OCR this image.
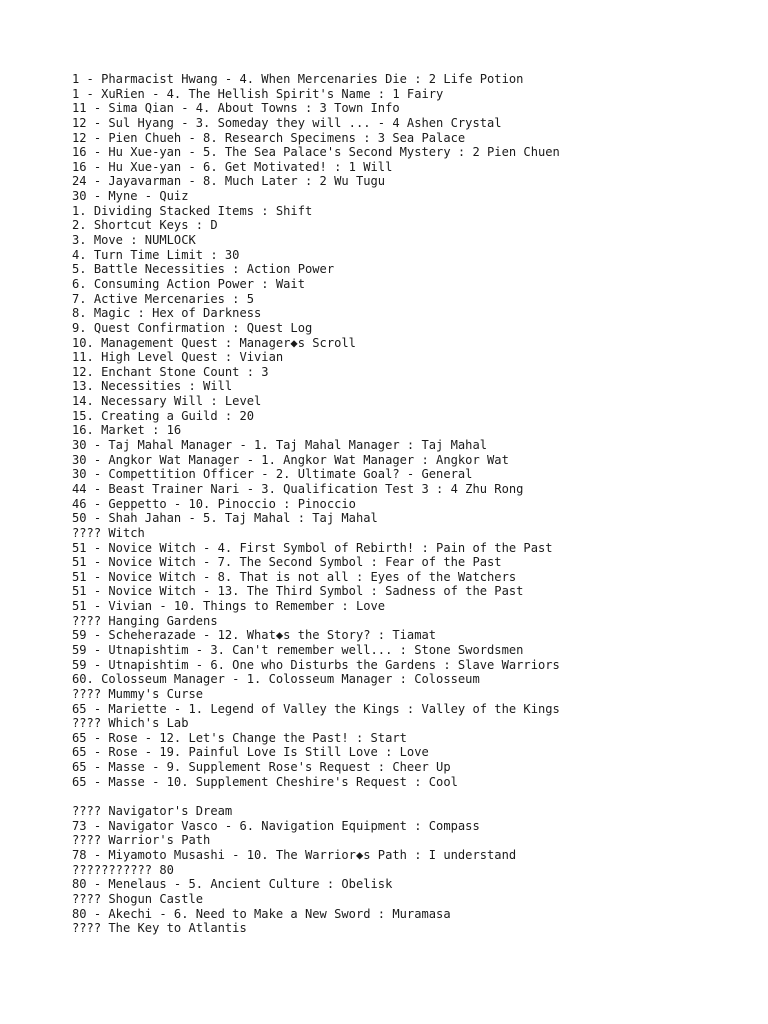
1 - Pharmacist Hwang - 4. When Mercenaries Die : 2 Life Potion
1 - XuRien - 4. The Hellish Spirit's Name : 1 Fairy
11 - Sima Qian - 4. About Towns : 3 Town Info
12 - Sul Hyang - 3. Someday they will ... - 4 Ashen Crystal
12 - Pien Chueh - 8. Research Specimens : 3 Sea Palace
16 - Hu Xue-yan - 5. The Sea Palace's Second Mystery : 2 Pien Chuen
16 - Hu Xue-yan - 6. Get Motivated! : 1 Will
24 - Jayavarman - 8. Much Later : 2 Wu Tugu
30 - Myne - Quiz
1. Dividing Stacked Items : Shift
2. Shortcut Keys : D
3. Move : NUMLOCK
4. Turn Time Limit : 30
5. Battle Necessities : Action Power
6. Consuming Action Power : Wait
7. Active Mercenaries : 5
8. Magic : Hex of Darkness
9. Quest Confirmation : Quest Log
10. Management Quest : Manager◆s Scroll
11. High Level Quest : Vivian
12. Enchant Stone Count : 3
13. Necessities : Will
14. Necessary Will : Level
15. Creating a Guild : 20
16. Market : 16
30 - Taj Mahal Manager - 1. Taj Mahal Manager : Taj Mahal
30 - Angkor Wat Manager - 1. Angkor Wat Manager : Angkor Wat
30 - Compettition Officer - 2. Ultimate Goal? - General
44 - Beast Trainer Nari - 3. Qualification Test 3 : 4 Zhu Rong
46 - Geppetto - 10. Pinoccio : Pinoccio
50 - Shah Jahan - 5. Taj Mahal : Taj Mahal
???? Witch
51 - Novice Witch - 4. First Symbol of Rebirth! : Pain of the Past
51 - Novice Witch - 7. The Second Symbol : Fear of the Past
51 - Novice Witch - 8. That is not all : Eyes of the Watchers
51 - Novice Witch - 13. The Third Symbol : Sadness of the Past
51 - Vivian - 10. Things to Remember : Love
???? Hanging Gardens
59 - Scheherazade - 12. What◆s the Story? : Tiamat
59 - Utnapishtim - 3. Can't remember well... : Stone Swordsmen
59 - Utnapishtim - 6. One who Disturbs the Gardens : Slave Warriors
60. Colosseum Manager - 1. Colosseum Manager : Colosseum
???? Mummy's Curse
65 - Mariette - 1. Legend of Valley the Kings : Valley of the Kings
???? Which's Lab
65 - Rose - 12. Let's Change the Past! : Start
65 - Rose - 19. Painful Love Is Still Love : Love
65 - Masse - 9. Supplement Rose's Request : Cheer Up
65 - Masse - 10. Supplement Cheshire's Request : Cool
???? Navigator's Dream
73 - Navigator Vasco - 6. Navigation Equipment : Compass
???? Warrior's Path
78 - Miyamoto Musashi - 10. The Warrior◆s Path : I understand
??????????? 80
80 - Menelaus - 5. Ancient Culture : Obelisk
???? Shogun Castle
80 - Akechi - 6. Need to Make a New Sword : Muramasa
???? The Key to Atlantis
